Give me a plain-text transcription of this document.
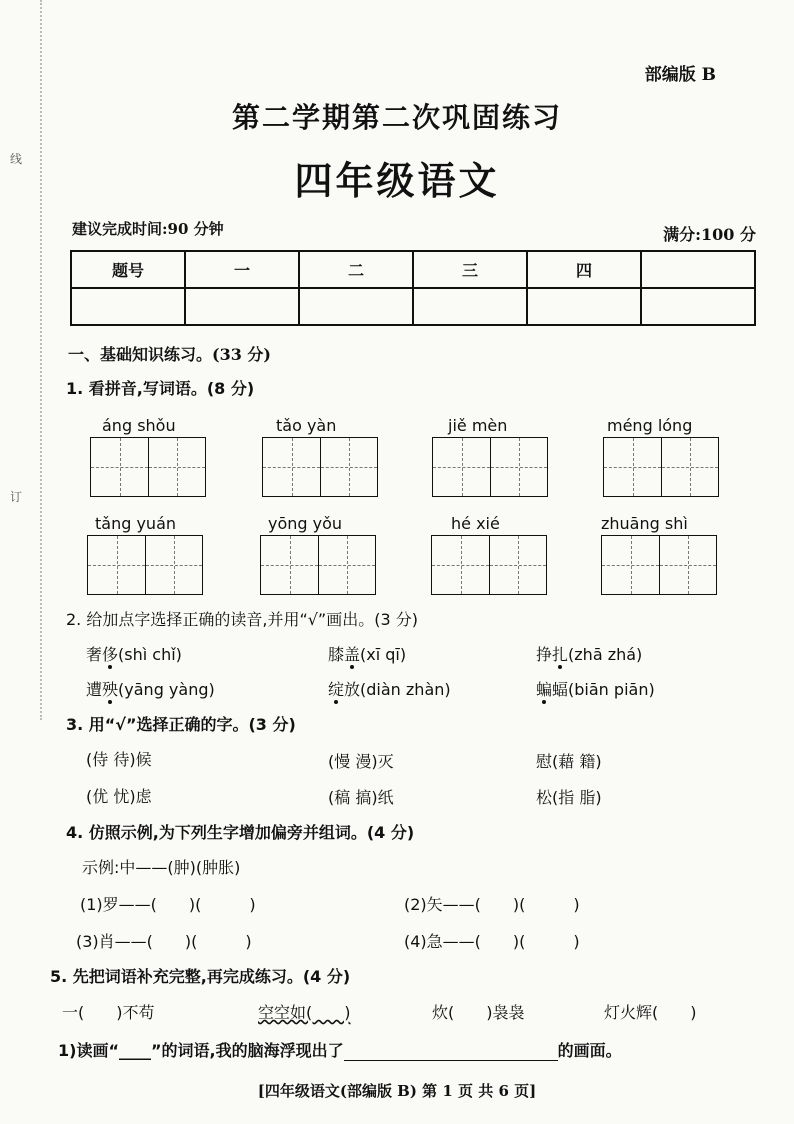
线
订
部编版 B
第二学期第二次巩固练习
四年级语文
建议完成时间:90 分钟	满分:100 分
题号	一	二	三	四	

一、基础知识练习。(33 分)
1. 看拼音,写词语。(8 分)
áng shǒu	tǎo yàn	jiě mèn	méng lóng
tǎng yuán	yōng yǒu	hé xié	zhuāng shì
2. 给加点字选择正确的读音,并用“√”画出。(3 分)
奢侈(shì chǐ)	膝盖(xī qī)	挣扎(zhā zhá)
遭殃(yāng yàng)	绽放(diàn zhàn)	蝙蝠(biān piān)
3. 用“√”选择正确的字。(3 分)
(侍 待)候	(慢 漫)灭	慰(藉 籍)
(优 忧)虑	(稿 搞)纸	松(指 脂)
4. 仿照示例,为下列生字增加偏旁并组词。(4 分)
示例:中——(肿)(肿胀)
(1)罗——(　　)(　　　)	(2)矢——(　　)(　　　)
(3)肖——(　　)(　　　)	(4)急——(　　)(　　　)
5. 先把词语补充完整,再完成练习。(4 分)
一(　　)不苟	空空如(　　)	炊(　　)袅袅	灯火辉(　　)
1)读画“____”的词语,我的脑海浮现出了	的画面。
[四年级语文(部编版 B) 第 1 页 共 6 页]
